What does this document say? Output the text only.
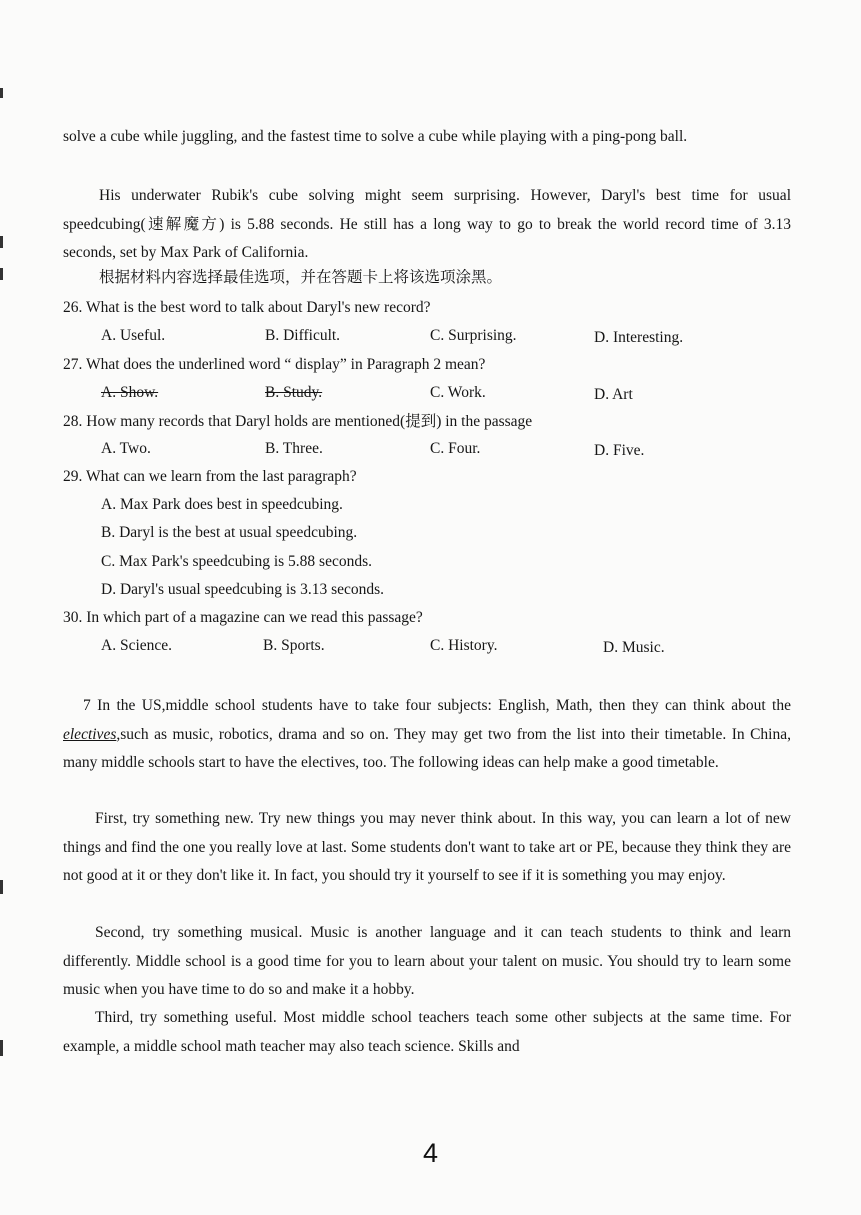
solve a cube while juggling, and the fastest time to solve a cube while playing with a ping-pong ball.
His underwater Rubik's cube solving might seem surprising. However, Daryl's best time for usual speedcubing(速解魔方) is 5.88 seconds. He still has a long way to go to break the world record time of 3.13 seconds, set by Max Park of California.
根据材料内容选择最佳选项，并在答题卡上将该选项涂黑。
26. What is the best word to talk about Daryl's new record?
A. Useful.	B. Difficult.	C. Surprising.	D. Interesting.
27. What does the underlined word “ display” in Paragraph 2 mean?
A. Show.	B. Study.	C. Work.	D. Art
28. How many records that Daryl holds are mentioned(提到) in the passage
A. Two.	B. Three.	C. Four.	D. Five.
29. What can we learn from the last paragraph?
A. Max Park does best in speedcubing.
B. Daryl is the best at usual speedcubing.
C. Max Park's speedcubing is 5.88 seconds.
D. Daryl's usual speedcubing is 3.13 seconds.
30. In which part of a magazine can we read this passage?
A. Science.	B. Sports.	C. History.	D. Music.
7 In the US,middle school students have to take four subjects: English, Math, then they can think about the electives,such as music, robotics, drama and so on. They may get two from the list into their timetable. In China, many middle schools start to have the electives, too. The following ideas can help make a good timetable.
First, try something new. Try new things you may never think about. In this way, you can learn a lot of new things and find the one you really love at last. Some students don't want to take art or PE, because they think they are not good at it or they don't like it. In fact, you should try it yourself to see if it is something you may enjoy.
Second, try something musical. Music is another language and it can teach students to think and learn differently. Middle school is a good time for you to learn about your talent on music. You should try to learn some music when you have time to do so and make it a hobby.
Third, try something useful. Most middle school teachers teach some other subjects at the same time. For example, a middle school math teacher may also teach science. Skills and
4
